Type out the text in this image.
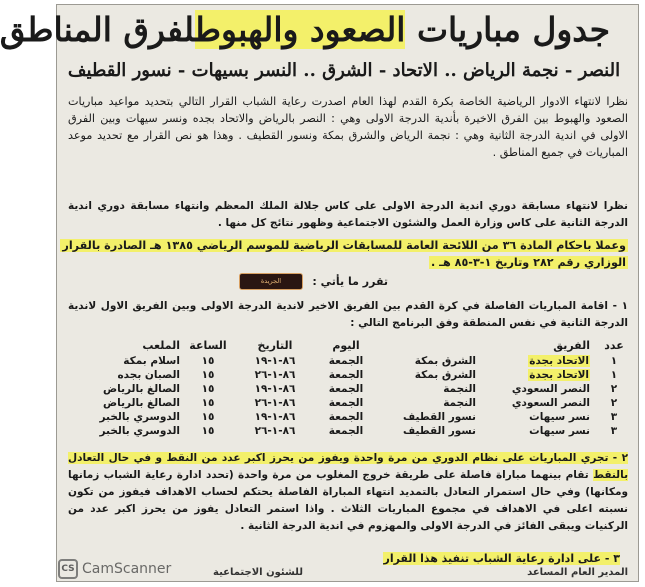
جدول مباريات الصعود والهبوطلفرق المناطق
النصر - نجمة الرياض .. الاتحاد - الشرق .. النسر بسيهات - نسور القطيف
نظرا لانتهاء الادوار الرياضية الخاصة بكرة القدم لهذا العام اصدرت رعاية الشباب القرار التالي بتحديد مواعيد مباريات الصعود والهبوط بين الفرق الاخيرة بأندية الدرجة الاولى وهي : النصر بالرياض والاتحاد بجده ونسر سيهات وبين الفرق الاولى في اندية الدرجة الثانية وهي : نجمة الرياض والشرق بمكة ونسور القطيف . وهذا هو نص القرار مع تحديد موعد المباريات في جميع المناطق .
نظرا لانتهاء مسابقة دوري اندية الدرجة الاولى على كاس جلالة الملك المعظم وانتهاء مسابقة دوري اندية الدرجة الثانية على كاس وزارة العمل والشئون الاجتماعية وظهور نتائج كل منها .
وعملا باحكام المادة ٣٦ من اللائحة العامة للمسابقات الرياضية للموسم الرياضي ١٣٨٥ هـ الصادرة بالقرار
الوزاري رقم ٢٨٢ وتاريخ ١-٣-٨٥ هـ .
الجريدة	تقرر ما يأتي :
١ - اقامة المباريات الفاصلة في كرة القدم بين الفريق الاخير لاندية الدرجة الاولى وبين الفريق الاول لاندية الدرجة الثانية في نفس المنطقة وفق البرنامج التالي :
عدد
الفريق
اليوم
التاريخ
الساعة
الملعب
١
الاتحاد بجدة
الشرق بمكة
الجمعة
٨٦-١-١٩
١٥
اسلام بمكة
١
الاتحاد بجدة
الشرق بمكة
الجمعة
٨٦-١-٢٦
١٥
الصبان بجده
٢
النصر السعودي
النجمة
الجمعة
٨٦-١-١٩
١٥
الصالغ بالرياض
٢
النصر السعودي
النجمة
الجمعة
٨٦-١-٢٦
١٥
الصالغ بالرياض
٣
نسر سيهات
نسور القطيف
الجمعة
٨٦-١-١٩
١٥
الدوسري بالخبر
٣
نسر سيهات
نسور القطيف
الجمعة
٨٦-١-٢٦
١٥
الدوسري بالخبر
٢ - تجري المباريات على نظام الدوري من مرة واحدة ويفوز من يحرز اكبر عدد من النقط و في حال التعادل بالنقط تقام بينهما مباراة فاصلة على طريقة خروج المغلوب من مرة واحدة (تحدد ادارة رعاية الشباب زمانها ومكانها) وفي حال استمرار التعادل بالتمديد انتهاء المباراة الفاصلة يحتكم لحساب الاهداف فيفوز من تكون نسبته اعلى في الاهداف في مجموع المباريات الثلاث . واذا استمر التعادل يفوز من يحرز اكبر عدد من الركنيات ويبقى الفائز في الدرجة الاولى والمهزوم في اندية الدرجة الثانية .
٣ - على ادارة رعاية الشباب تنفيذ هذا القرار
المدير العام المساعد
للشئون الاجتماعية
CS CamScanner
